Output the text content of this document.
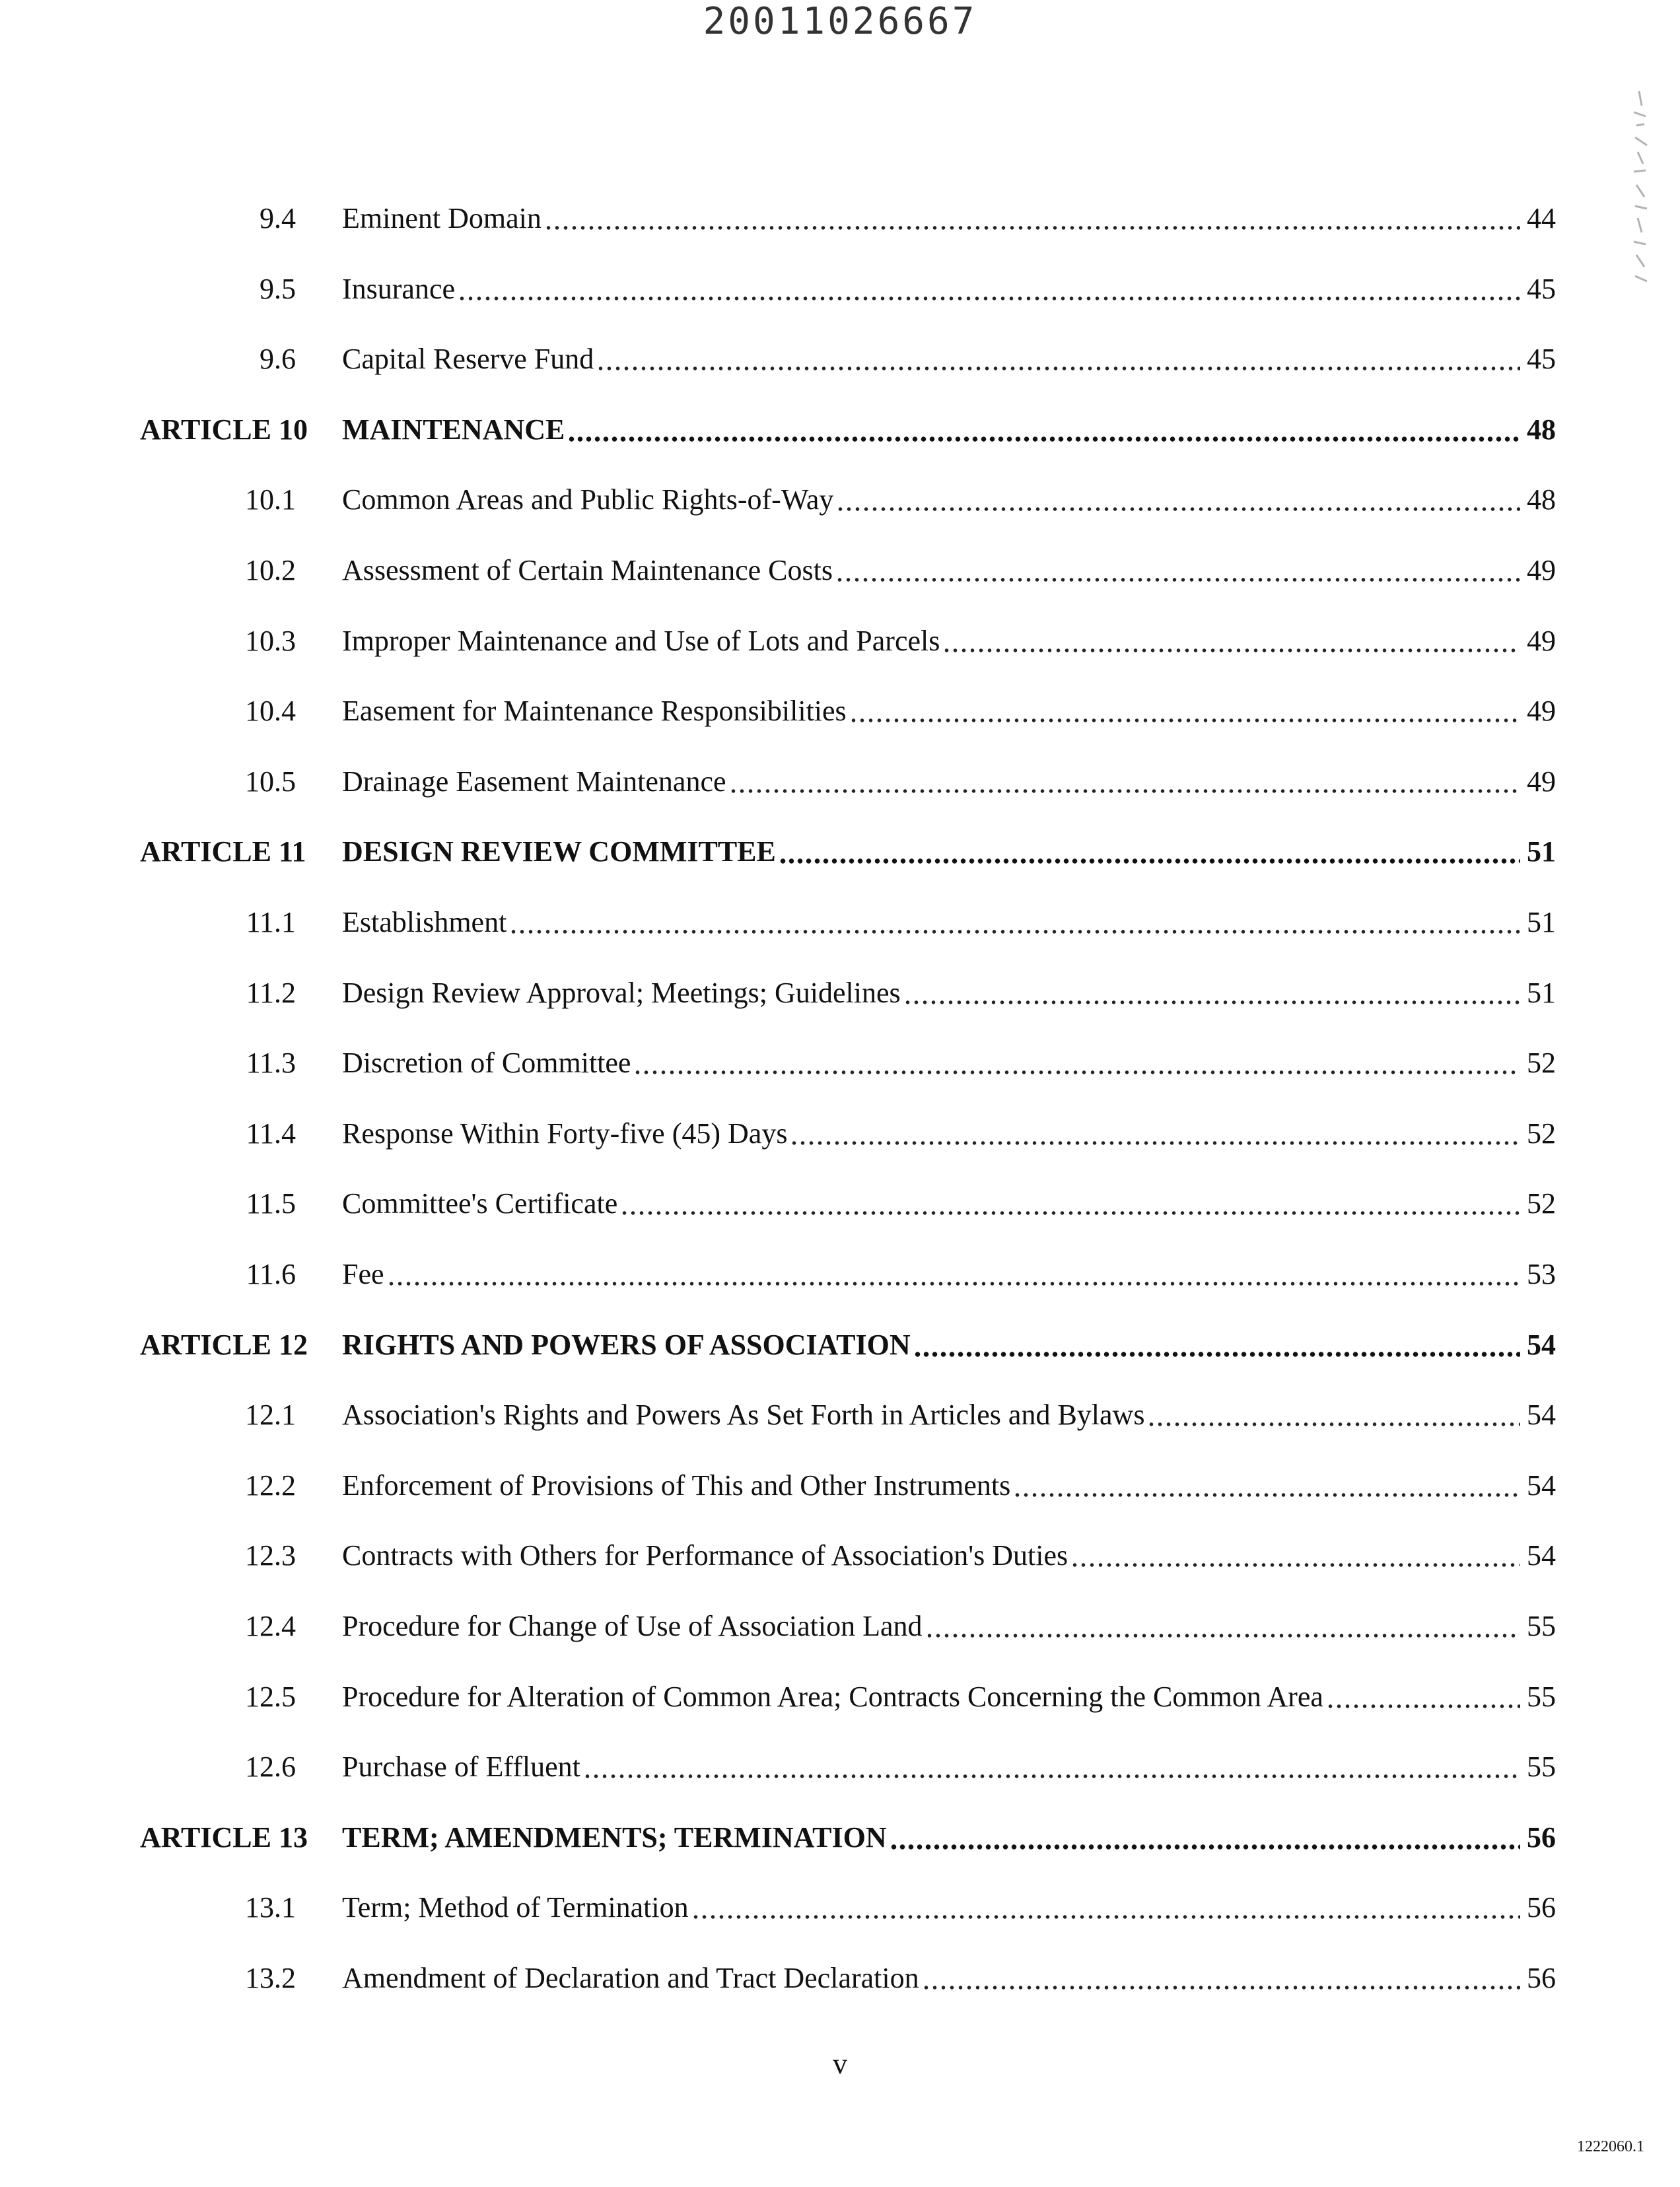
20011026667
9.4 Eminent Domain	44
9.5 Insurance	45
9.6 Capital Reserve Fund	45
ARTICLE 10	MAINTENANCE	48
10.1 Common Areas and Public Rights-of-Way	48
10.2 Assessment of Certain Maintenance Costs	49
10.3 Improper Maintenance and Use of Lots and Parcels	49
10.4 Easement for Maintenance Responsibilities	49
10.5 Drainage Easement Maintenance	49
ARTICLE 11	DESIGN REVIEW COMMITTEE	51
11.1 Establishment	51
11.2 Design Review Approval; Meetings; Guidelines	51
11.3 Discretion of Committee	52
11.4 Response Within Forty-five (45) Days	52
11.5 Committee's Certificate	52
11.6 Fee	53
ARTICLE 12	RIGHTS AND POWERS OF ASSOCIATION	54
12.1 Association's Rights and Powers As Set Forth in Articles and Bylaws	54
12.2 Enforcement of Provisions of This and Other Instruments	54
12.3 Contracts with Others for Performance of Association's Duties	54
12.4 Procedure for Change of Use of Association Land	55
12.5 Procedure for Alteration of Common Area; Contracts Concerning the Common Area	55
12.6 Purchase of Effluent	55
ARTICLE 13	TERM; AMENDMENTS; TERMINATION	56
13.1 Term; Method of Termination	56
13.2 Amendment of Declaration and Tract Declaration	56
v
1222060.1
